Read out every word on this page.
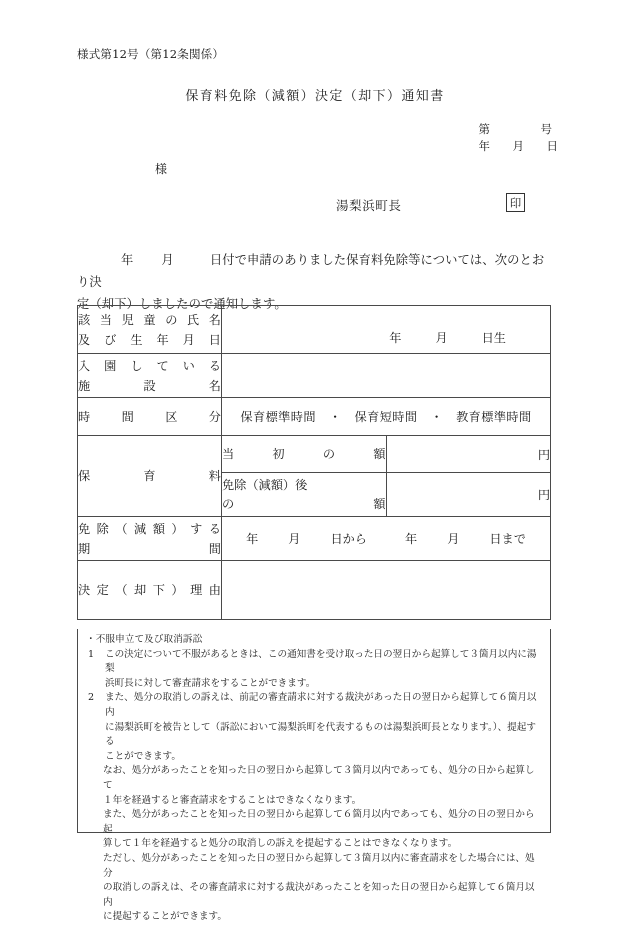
様式第12号（第12条関係）
保育料免除（減額）決定（却下）通知書
第	号
年	月	日
様
湯梨浜町長	印
年 月	日付で申請のありました保育料免除等については、次のとおり決
定（却下）しましたので通知します。
該当児童の氏名
及び生年月日	年 月 日生	

入園している
施設名		

時間区分	保育標準時間 ・ 保育短時間 ・ 教育標準時間	

保育料	当初の額	円
	免除（減額）後
の額	円

免除（減額）する
期間	年 月 日から 年 月 日まで	

決定（却下）理由		

・不服申立て及び取消訴訟
1	この決定について不服があるときは、この通知書を受け取った日の翌日から起算して３箇月以内に湯梨

浜町長に対して審査請求をすることができます。

2	また、処分の取消しの訴えは、前記の審査請求に対する裁決があった日の翌日から起算して６箇月以内

に湯梨浜町を被告として（訴訟において湯梨浜町を代表するものは湯梨浜町長となります。）、提起する

ことができます。

なお、処分があったことを知った日の翌日から起算して３箇月以内であっても、処分の日から起算して

１年を経過すると審査請求をすることはできなくなります。

また、処分があったことを知った日の翌日から起算して６箇月以内であっても、処分の日の翌日から起

算して１年を経過すると処分の取消しの訴えを提起することはできなくなります。

ただし、処分があったことを知った日の翌日から起算して３箇月以内に審査請求をした場合には、処分

の取消しの訴えは、その審査請求に対する裁決があったことを知った日の翌日から起算して６箇月以内

に提起することができます。
